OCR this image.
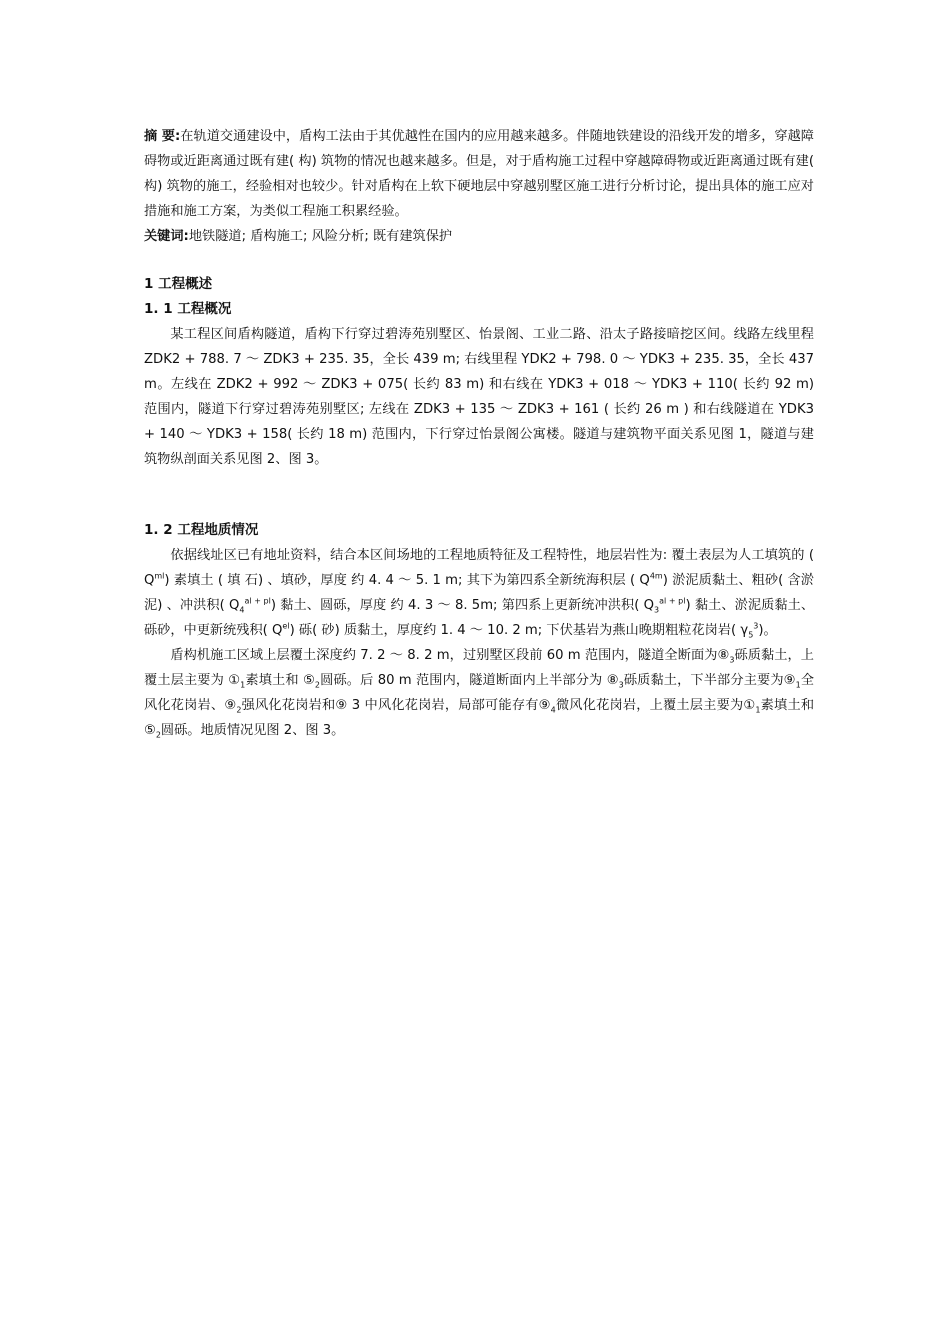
摘 要:在轨道交通建设中，盾构工法由于其优越性在国内的应用越来越多。伴随地铁建设的沿线开发的增多，穿越障碍物或近距离通过既有建( 构) 筑物的情况也越来越多。但是，对于盾构施工过程中穿越障碍物或近距离通过既有建( 构) 筑物的施工，经验相对也较少。针对盾构在上软下硬地层中穿越别墅区施工进行分析讨论，提出具体的施工应对措施和施工方案，为类似工程施工积累经验。

关键词:地铁隧道; 盾构施工; 风险分析; 既有建筑保护

1 工程概述

1. 1 工程概况

某工程区间盾构隧道，盾构下行穿过碧涛苑别墅区、怡景阁、工业二路、沿太子路接暗挖区间。线路左线里程 ZDK2 + 788. 7 ～ ZDK3 + 235. 35，全长 439 m; 右线里程 YDK2 + 798. 0 ～ YDK3 + 235. 35，全长 437 m。左线在 ZDK2 + 992 ～ ZDK3 + 075( 长约 83 m) 和右线在 YDK3 + 018 ～ YDK3 + 110( 长约 92 m) 范围内，隧道下行穿过碧涛苑别墅区; 左线在 ZDK3 + 135 ～ ZDK3 + 161 ( 长约 26 m ) 和右线隧道在 YDK3 + 140 ～ YDK3 + 158( 长约 18 m) 范围内，下行穿过怡景阁公寓楼。隧道与建筑物平面关系见图 1，隧道与建筑物纵剖面关系见图 2、图 3。

1. 2 工程地质情况

依据线址区已有地址资料，结合本区间场地的工程地质特征及工程特性，地层岩性为: 覆土表层为人工填筑的 ( $Q^{ml}$) 素填土 ( 填 石) 、填砂，厚度 约 4. 4 ～ 5. 1 m; 其下为第四系全新统海积层 ( $Q^{4m}$) 淤泥质黏土、粗砂( 含淤泥) 、冲洪积( $Q_4^{al + pl}$) 黏土、圆砾，厚度 约 4. 3 ～ 8. 5m; 第四系上更新统冲洪积( $Q_3^{al + pl}$) 黏土、淤泥质黏土、砾砂，中更新统残积( $Q^{el}$) 砾( 砂) 质黏土，厚度约 1. 4 ～ 10. 2 m; 下伏基岩为燕山晚期粗粒花岗岩( $\gamma_5^3$)。

盾构机施工区域上层覆土深度约 7. 2 ～ 8. 2 m，过别墅区段前 60 m 范围内，隧道全断面为$⑧_3$砾质黏土，上覆土层主要为 $①_1$素填土和 $⑤_2$圆砾。后 80 m 范围内，隧道断面内上半部分为 $⑧_3$砾质黏土，下半部分主要为$⑨_1$全风化花岗岩、$⑨_2$强风化花岗岩和⑨ 3 中风化花岗岩，局部可能存有$⑨_4$微风化花岗岩，上覆土层主要为$①_1$素填土和$⑤_2$圆砾。地质情况见图 2、图 3。
